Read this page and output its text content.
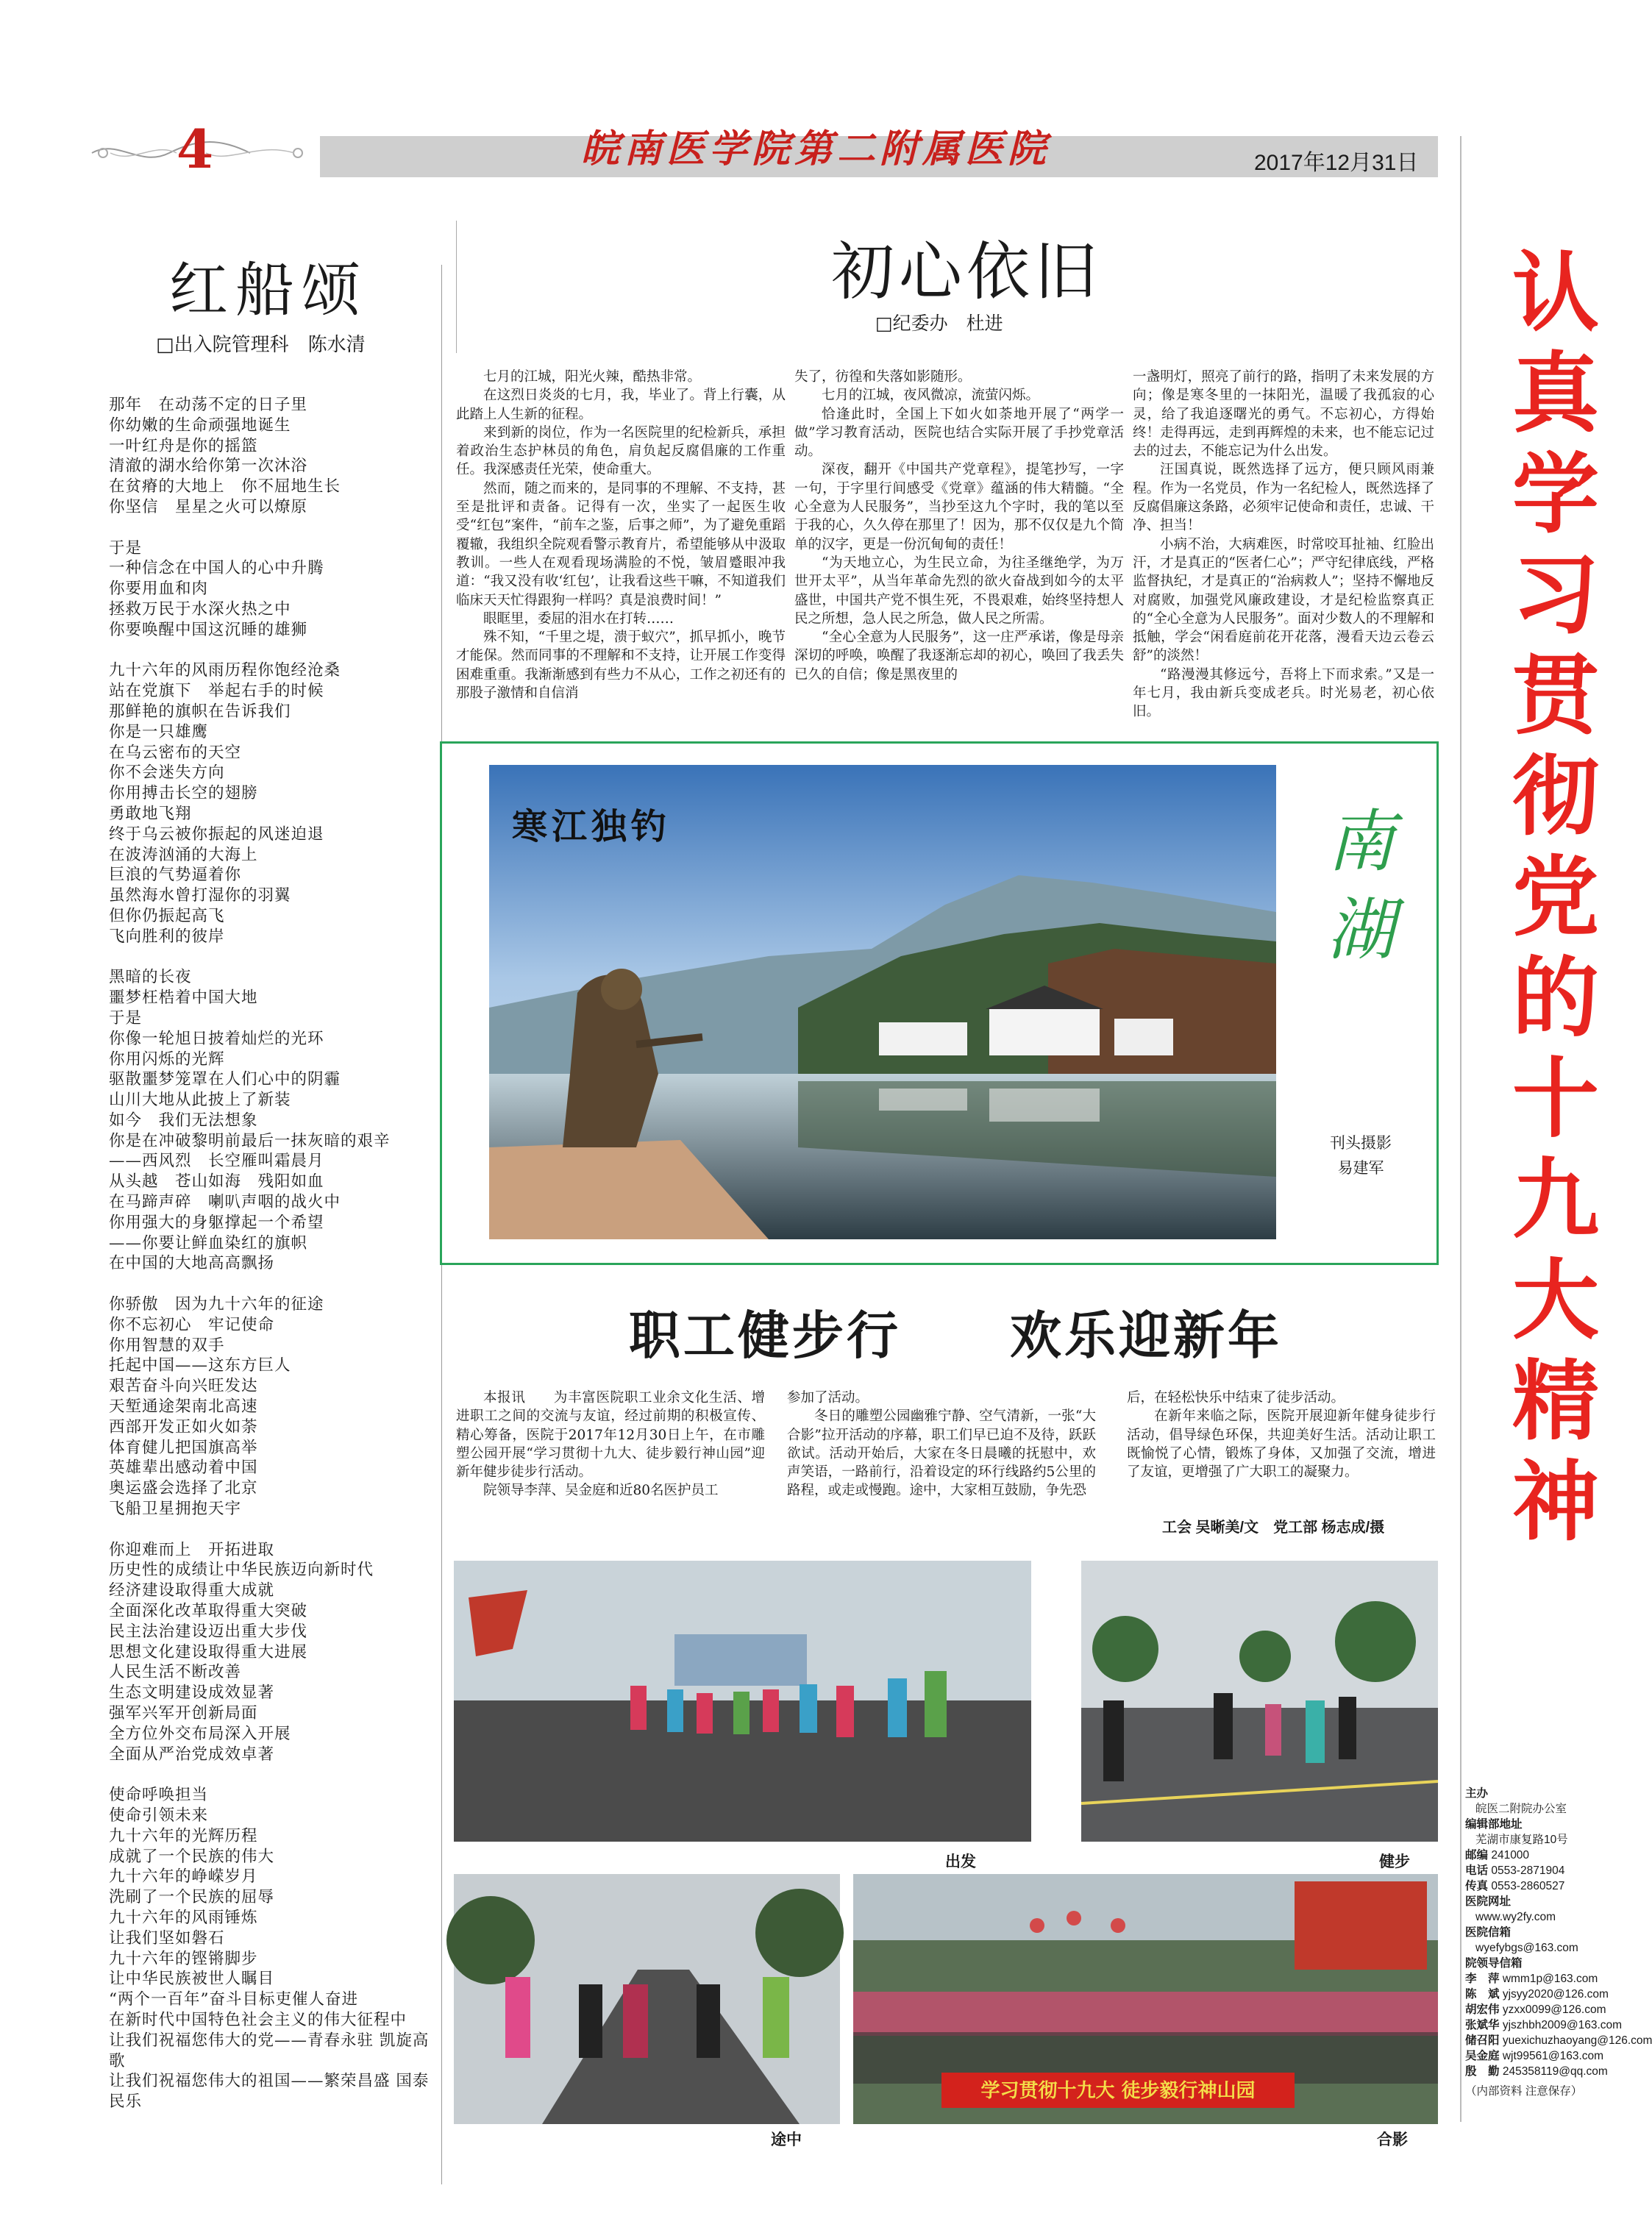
4	皖南医学院第二附属医院	2017年12月31日
认真学习贯彻党的十九大精神
主办
皖医二附院办公室
编辑部地址
芜湖市康复路10号
邮编 241000
电话 0553-2871904
传真 0553-2860527
医院网址
www.wy2fy.com
医院信箱
wyefybgs@163.com
院领导信箱
李　萍 wmm1p@163.com
陈　斌 yjsyy2020@126.com
胡宏伟 yzxx0099@126.com
张斌华 yjszhbh2009@163.com
储召阳 yuexichuzhaoyang@126.com
吴金庭 wjt99561@163.com
殷　勤 245358119@qq.com
（内部资料 注意保存）
红船颂
□出入院管理科　陈水清
那年　在动荡不定的日子里
你幼嫩的生命顽强地诞生
一叶红舟是你的摇篮
清澈的湖水给你第一次沐浴
在贫瘠的大地上　你不屈地生长
你坚信　星星之火可以燎原

于是
一种信念在中国人的心中升腾
你要用血和肉
拯救万民于水深火热之中
你要唤醒中国这沉睡的雄狮

九十六年的风雨历程你饱经沧桑
站在党旗下　举起右手的时候
那鲜艳的旗帜在告诉我们
你是一只雄鹰
在乌云密布的天空
你不会迷失方向
你用搏击长空的翅膀
勇敢地飞翔
终于乌云被你振起的风迷迫退
在波涛汹涌的大海上
巨浪的气势逼着你
虽然海水曾打湿你的羽翼
但你仍振起高飞
飞向胜利的彼岸

黑暗的长夜
噩梦枉梏着中国大地
于是
你像一轮旭日披着灿烂的光环
你用闪烁的光辉
驱散噩梦笼罩在人们心中的阴霾
山川大地从此披上了新装
如今　我们无法想象
你是在冲破黎明前最后一抹灰暗的艰辛
——西风烈　长空雁叫霜晨月
从头越　苍山如海　残阳如血
在马蹄声碎　喇叭声咽的战火中
你用强大的身躯撑起一个希望
——你要让鲜血染红的旗帜
在中国的大地高高飘扬

你骄傲　因为九十六年的征途
你不忘初心　牢记使命
你用智慧的双手
托起中国——这东方巨人
艰苦奋斗向兴旺发达
天堑通途架南北高速
西部开发正如火如荼
体育健儿把国旗高举
英雄辈出感动着中国
奥运盛会选择了北京
飞船卫星拥抱天宇

你迎难而上　开拓进取
历史性的成绩让中华民族迈向新时代
经济建设取得重大成就
全面深化改革取得重大突破
民主法治建设迈出重大步伐
思想文化建设取得重大进展
人民生活不断改善
生态文明建设成效显著
强军兴军开创新局面
全方位外交布局深入开展
全面从严治党成效卓著

使命呼唤担当
使命引领未来
九十六年的光辉历程
成就了一个民族的伟大
九十六年的峥嵘岁月
洗刷了一个民族的屈辱
九十六年的风雨锤炼
让我们坚如磐石
九十六年的铿锵脚步
让中华民族被世人瞩目
“两个一百年”奋斗目标吏催人奋进
在新时代中国特色社会主义的伟大征程中
让我们祝福您伟大的党——青春永驻 凯旋高歌
让我们祝福您伟大的祖国——繁荣昌盛 国泰民乐
初心依旧
□纪委办　杜进

七月的江城，阳光火辣，酷热非常。

在这烈日炎炎的七月，我，毕业了。背上行囊，从此踏上人生新的征程。

来到新的岗位，作为一名医院里的纪检新兵，承担着政治生态护林员的角色，肩负起反腐倡廉的工作重任。我深感责任光荣，使命重大。

然而，随之而来的，是同事的不理解、不支持，甚至是批评和责备。记得有一次，坐实了一起医生收受“红包”案件，“前车之鉴，后事之师”，为了避免重蹈覆辙，我组织全院观看警示教育片，希望能够从中汲取教训。一些人在观看现场满脸的不悦，皱眉蹙眼冲我道：“我又没有收‘红包’，让我看这些干嘛，不知道我们临床天天忙得跟狗一样吗？真是浪费时间！”

眼眶里，委屈的泪水在打转……

殊不知，“千里之堤，溃于蚁穴”，抓早抓小，晚节才能保。然而同事的不理解和不支持，让开展工作变得困难重重。我渐渐感到有些力不从心，工作之初还有的那股子激情和自信消

失了，彷徨和失落如影随形。

七月的江城，夜风微凉，流萤闪烁。

恰逢此时，全国上下如火如荼地开展了“两学一做”学习教育活动，医院也结合实际开展了手抄党章活动。

深夜，翻开《中国共产党章程》，提笔抄写，一字一句，于字里行间感受《党章》蕴涵的伟大精髓。“全心全意为人民服务”，当抄至这九个字时，我的笔以至于我的心，久久停在那里了！因为，那不仅仅是九个简单的汉字，更是一份沉甸甸的责任！

“为天地立心，为生民立命，为往圣继绝学，为万世开太平”，从当年革命先烈的欲火奋战到如今的太平盛世，中国共产党不惧生死，不畏艰难，始终坚持想人民之所想，急人民之所急，做人民之所需。

“全心全意为人民服务”，这一庄严承诺，像是母亲深切的呼唤，唤醒了我逐渐忘却的初心，唤回了我丢失已久的自信；像是黑夜里的

一盏明灯，照亮了前行的路，指明了未来发展的方向；像是寒冬里的一抹阳光，温暖了我孤寂的心灵，给了我追逐曙光的勇气。不忘初心，方得始终！走得再远，走到再辉煌的未来，也不能忘记过去的过去，不能忘记为什么出发。

汪国真说，既然选择了远方，便只顾风雨兼程。作为一名党员，作为一名纪检人，既然选择了反腐倡廉这条路，必须牢记使命和责任，忠诚、干净、担当！

小病不治，大病难医，时常咬耳扯袖、红脸出汗，才是真正的“医者仁心”；严守纪律底线，严格监督执纪，才是真正的“治病救人”；坚持不懈地反对腐败，加强党风廉政建设，才是纪检监察真正的“全心全意为人民服务”。面对少数人的不理解和抵触，学会“闲看庭前花开花落，漫看天边云卷云舒”的淡然！

“路漫漫其修远兮，吾将上下而求索。”又是一年七月，我由新兵变成老兵。时光易老，初心依旧。

寒江独钓	南
湖
刊头摄影
易建军
职工健步行　　欢乐迎新年

本报讯　　为丰富医院职工业余文化生活、增进职工之间的交流与友谊，经过前期的积极宣传、精心筹备，医院于2017年12月30日上午，在市雕塑公园开展“学习贯彻十九大、徒步毅行神山园”迎新年健步徒步行活动。

院领导李萍、吴金庭和近80名医护员工

参加了活动。

冬日的雕塑公园幽雅宁静、空气清新，一张“大合影”拉开活动的序幕，职工们早已迫不及待，跃跃欲试。活动开始后，大家在冬日晨曦的抚慰中，欢声笑语，一路前行，沿着设定的环行线路约5公里的路程，或走或慢跑。途中，大家相互鼓励，争先恐

后，在轻松快乐中结束了徒步活动。

在新年来临之际，医院开展迎新年健身徒步行活动，倡导绿色环保，共迎美好生活。活动让职工既愉悦了心情，锻炼了身体，又加强了交流，增进了友谊，更增强了广大职工的凝聚力。

工会 吴晰美/文　党工部 杨志成/摄
出发	健步
途中
学习贯彻十九大 徒步毅行神山园
合影
